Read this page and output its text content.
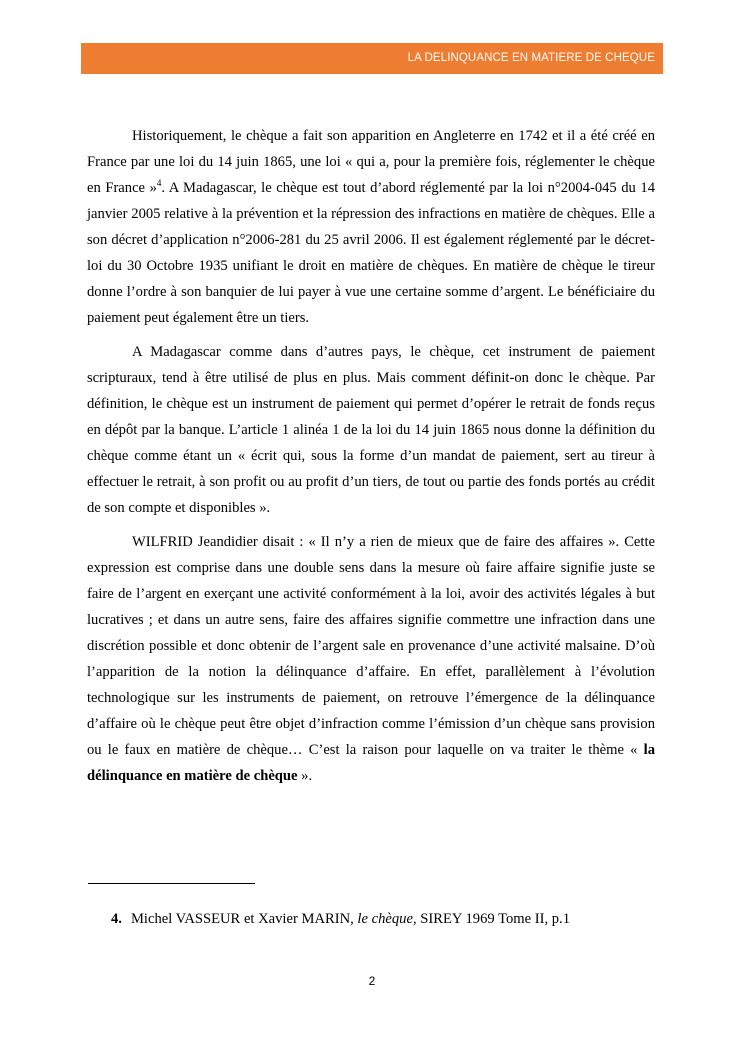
LA DELINQUANCE EN MATIERE DE CHEQUE

Historiquement, le chèque a fait son apparition en Angleterre en 1742 et il a été créé en France par une loi du 14 juin 1865, une loi « qui a, pour la première fois, réglementer le chèque en France »$^4$. A Madagascar, le chèque est tout d’abord réglementé par la loi n°2004-045 du 14 janvier 2005 relative à la prévention et la répression des infractions en matière de chèques. Elle a son décret d’application n°2006-281 du 25 avril 2006. Il est également réglementé par le décret-loi du 30 Octobre 1935 unifiant le droit en matière de chèques. En matière de chèque le tireur donne l’ordre à son banquier de lui payer à vue une certaine somme d’argent. Le bénéficiaire du paiement peut également être un tiers.

A Madagascar comme dans d’autres pays, le chèque, cet instrument de paiement scripturaux, tend à être utilisé de plus en plus. Mais comment définit-on donc le chèque. Par définition, le chèque est un instrument de paiement qui permet d’opérer le retrait de fonds reçus en dépôt par la banque. L’article 1 alinéa 1 de la loi du 14 juin 1865 nous donne la définition du chèque comme étant un « écrit qui, sous la forme d’un mandat de paiement, sert au tireur à effectuer le retrait, à son profit ou au profit d’un tiers, de tout ou partie des fonds portés au crédit de son compte et disponibles ».

WILFRID Jeandidier disait : « Il n’y a rien de mieux que de faire des affaires ». Cette expression est comprise dans une double sens dans la mesure où faire affaire signifie juste se faire de l’argent en exerçant une activité conformément à la loi, avoir des activités légales à but lucratives ; et dans un autre sens, faire des affaires signifie commettre une infraction dans une discrétion possible et donc obtenir de l’argent sale en provenance d’une activité malsaine. D’où l’apparition de la notion la délinquance d’affaire. En effet, parallèlement à l’évolution technologique sur les instruments de paiement, on retrouve l’émergence de la délinquance d’affaire où le chèque peut être objet d’infraction comme l’émission d’un chèque sans provision ou le faux en matière de chèque… C’est la raison pour laquelle on va traiter le thème « la délinquance en matière de chèque ».

4. Michel VASSEUR et Xavier MARIN, le chèque, SIREY 1969 Tome II, p.1
2
